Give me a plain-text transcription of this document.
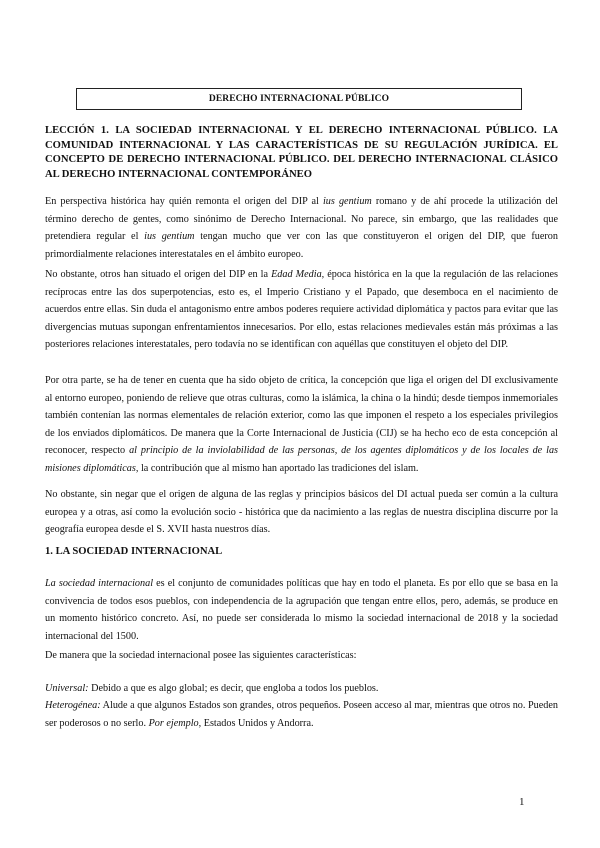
DERECHO INTERNACIONAL PÚBLICO

LECCIÓN 1. LA SOCIEDAD INTERNACIONAL Y EL DERECHO INTERNACIONAL PÚBLICO. LA COMUNIDAD INTERNACIONAL Y LAS CARACTERÍSTICAS DE SU REGULACIÓN JURÍDICA. EL CONCEPTO DE DERECHO INTERNACIONAL PÚBLICO. DEL DERECHO INTERNACIONAL CLÁSICO AL DERECHO INTERNACIONAL CONTEMPORÁNEO

En perspectiva histórica hay quién remonta el origen del DIP al ius gentium romano y de ahí procede la utilización del término derecho de gentes, como sinónimo de Derecho Internacional. No parece, sin embargo, que las realidades que pretendiera regular el ius gentium tengan mucho que ver con las que constituyeron el origen del DIP, que fueron primordialmente relaciones interestatales en el ámbito europeo.

No obstante, otros han situado el origen del DIP en la Edad Media, época histórica en la que la regulación de las relaciones recíprocas entre las dos superpotencias, esto es, el Imperio Cristiano y el Papado, que desemboca en el nacimiento de acuerdos entre ellas. Sin duda el antagonismo entre ambos poderes requiere actividad diplomática y pactos para evitar que las divergencias mutuas supongan enfrentamientos innecesarios. Por ello, estas relaciones medievales están más próximas a las posteriores relaciones interestatales, pero todavía no se identifican con aquéllas que constituyen el objeto del DIP.

Por otra parte, se ha de tener en cuenta que ha sido objeto de crítica, la concepción que liga el origen del DI exclusivamente al entorno europeo, poniendo de relieve que otras culturas, como la islámica, la china o la hindú; desde tiempos inmemoriales también contenían las normas elementales de relación exterior, como las que imponen el respeto a los especiales privilegios de los enviados diplomáticos. De manera que la Corte Internacional de Justicia (CIJ) se ha hecho eco de esta concepción al reconocer, respecto al principio de la inviolabilidad de las personas, de los agentes diplomáticos y de los locales de las misiones diplomáticas, la contribución que al mismo han aportado las tradiciones del islam.

No obstante, sin negar que el origen de alguna de las reglas y principios básicos del DI actual pueda ser común a la cultura europea y a otras, así como la evolución socio - histórica que da nacimiento a las reglas de nuestra disciplina discurre por la geografía europea desde el S. XVII hasta nuestros días.

1. LA SOCIEDAD INTERNACIONAL

La sociedad internacional es el conjunto de comunidades políticas que hay en todo el planeta. Es por ello que se basa en la convivencia de todos esos pueblos, con independencia de la agrupación que tengan entre ellos, pero, además, se produce en un momento histórico concreto. Así, no puede ser considerada lo mismo la sociedad internacional de 2018 y la sociedad internacional del 1500.

De manera que la sociedad internacional posee las siguientes características:

Universal: Debido a que es algo global; es decir, que engloba a todos los pueblos.

Heterogénea: Alude a que algunos Estados son grandes, otros pequeños. Poseen acceso al mar, mientras que otros no. Pueden ser poderosos o no serlo. Por ejemplo, Estados Unidos y Andorra.

1
